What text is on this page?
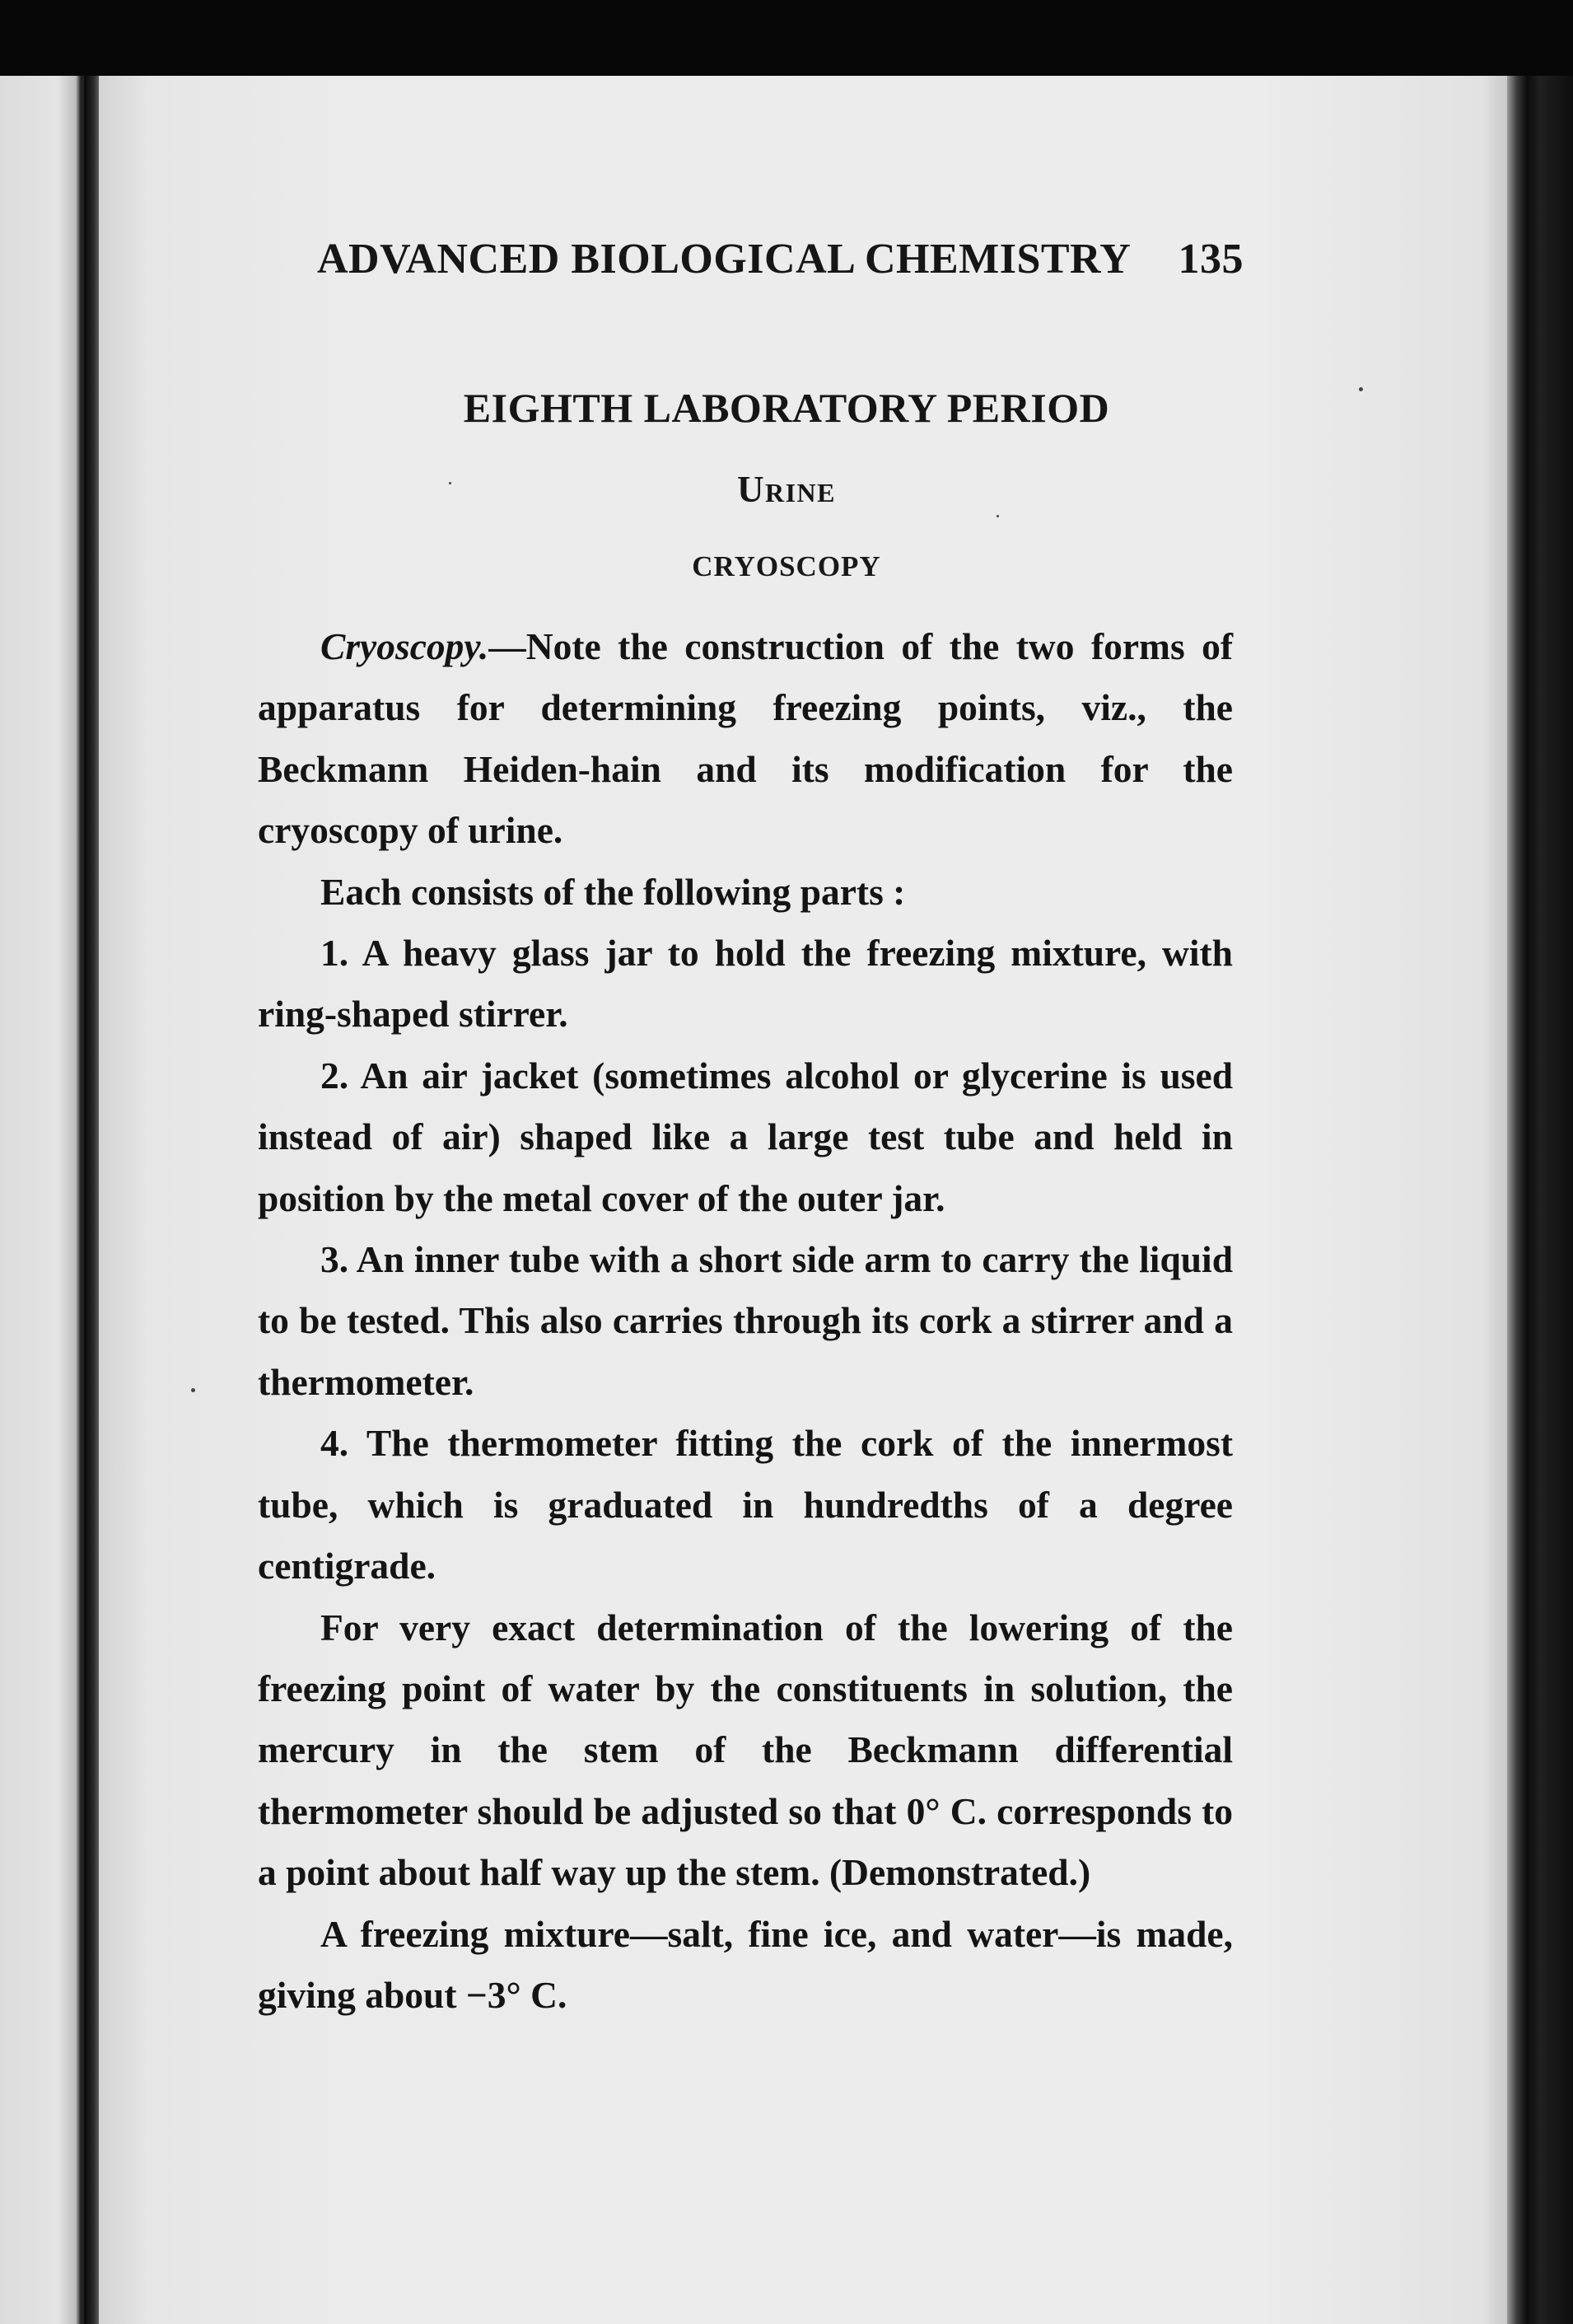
ADVANCED BIOLOGICAL CHEMISTRY 135
EIGHTH LABORATORY PERIOD
Urine
CRYOSCOPY

Cryoscopy.—Note the construction of the two forms of apparatus for determining freezing points, viz., the Beckmann Heiden-hain and its modification for the cryoscopy of urine.

Each consists of the following parts :

1. A heavy glass jar to hold the freezing mixture, with ring-shaped stirrer.

2. An air jacket (sometimes alcohol or glycerine is used instead of air) shaped like a large test tube and held in position by the metal cover of the outer jar.

3. An inner tube with a short side arm to carry the liquid to be tested. This also carries through its cork a stirrer and a thermometer.

4. The thermometer fitting the cork of the innermost tube, which is graduated in hundredths of a degree centigrade.

For very exact determination of the lowering of the freezing point of water by the constituents in solution, the mercury in the stem of the Beckmann differential thermometer should be adjusted so that 0° C. corresponds to a point about half way up the stem. (Demonstrated.)

A freezing mixture—salt, fine ice, and water—is made, giving about −3° C.
